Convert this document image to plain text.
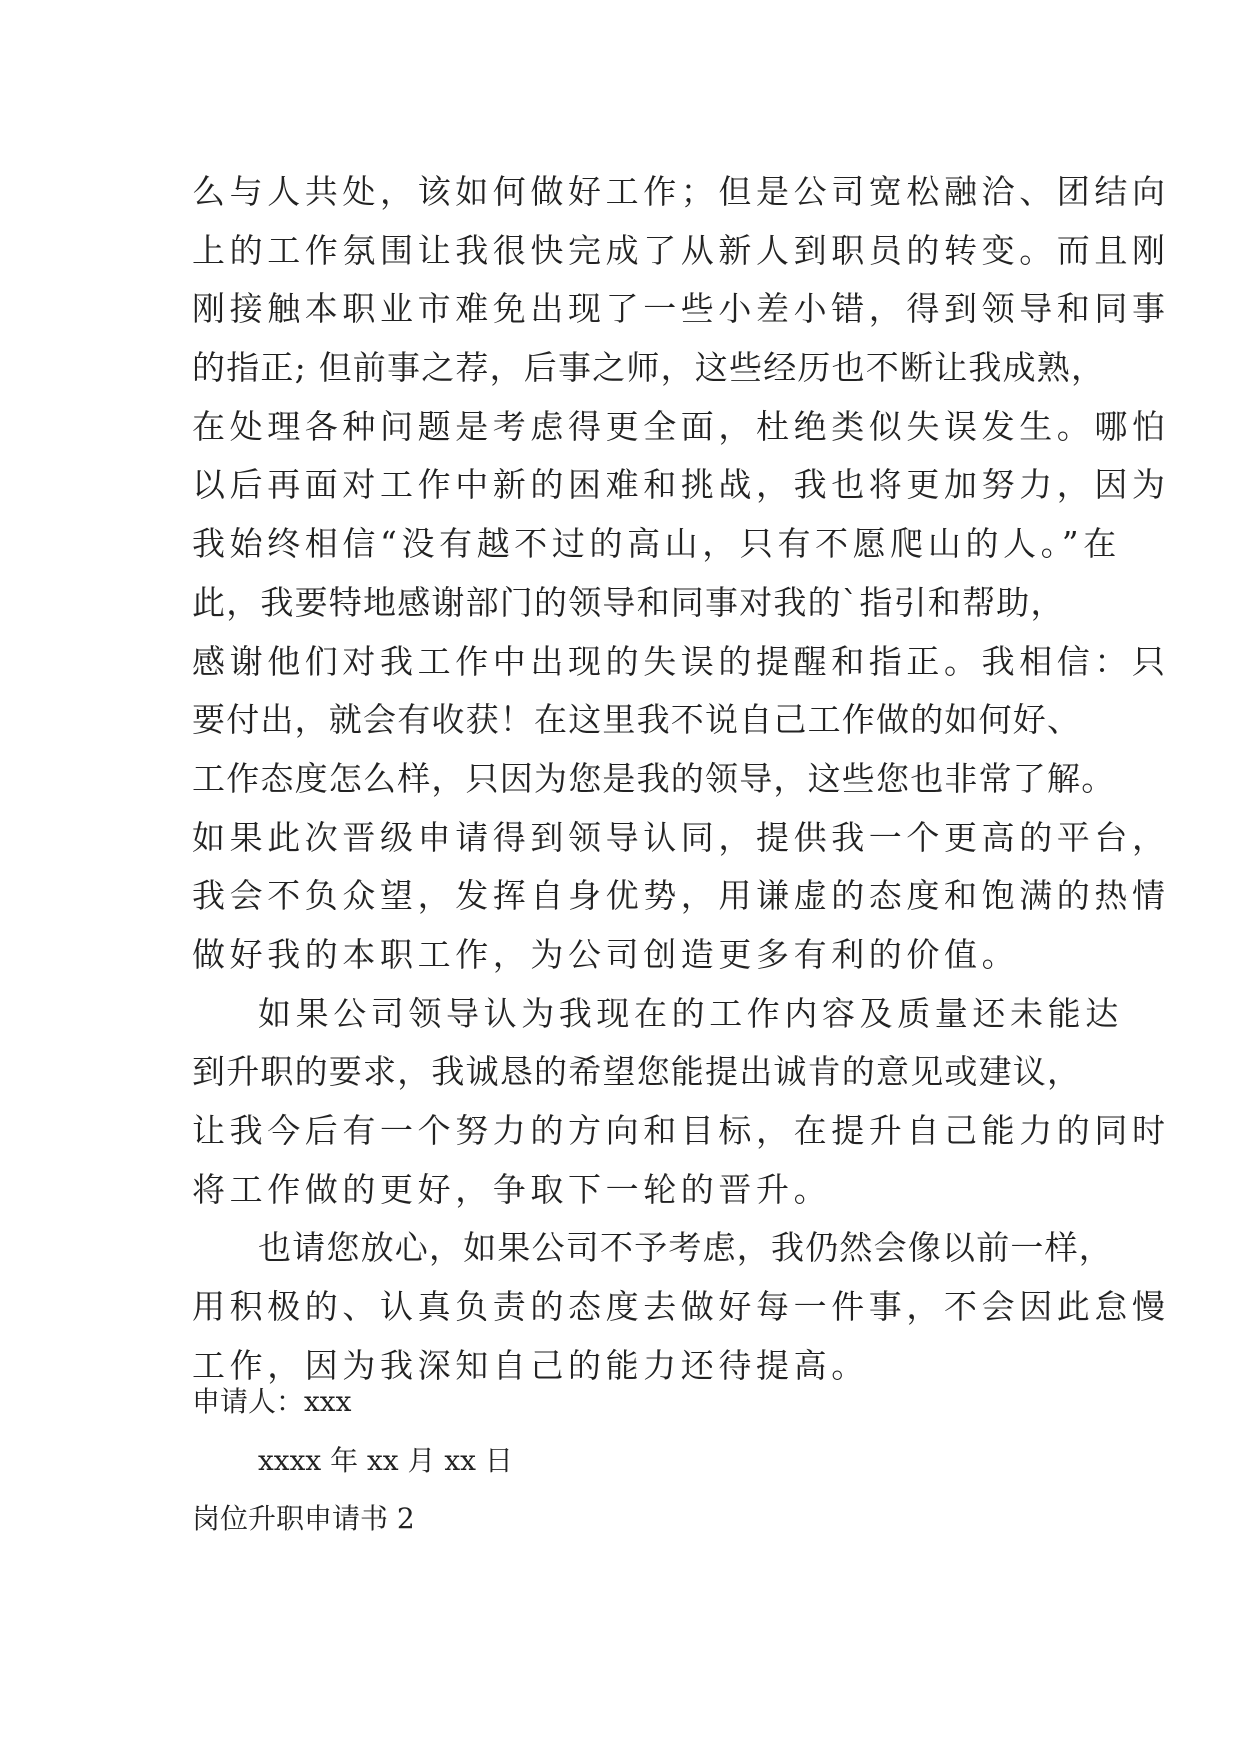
么与人共处，该如何做好工作；但是公司宽松融洽、团结向
上的工作氛围让我很快完成了从新人到职员的转变。而且刚
刚接触本职业市难免出现了一些小差小错，得到领导和同事
的指正; 但前事之荐，后事之师，这些经历也不断让我成熟，
在处理各种问题是考虑得更全面，杜绝类似失误发生。哪怕
以后再面对工作中新的困难和挑战，我也将更加努力，因为
我始终相信“没有越不过的高山，只有不愿爬山的人。”在
此，我要特地感谢部门的领导和同事对我的`指引和帮助，
感谢他们对我工作中出现的失误的提醒和指正。我相信：只
要付出，就会有收获！在这里我不说自己工作做的如何好、
工作态度怎么样，只因为您是我的领导，这些您也非常了解。
如果此次晋级申请得到领导认同，提供我一个更高的平台，
我会不负众望，发挥自身优势，用谦虚的态度和饱满的热情
做好我的本职工作，为公司创造更多有利的价值。
如果公司领导认为我现在的工作内容及质量还未能达
到升职的要求，我诚恳的希望您能提出诚肯的意见或建议，
让我今后有一个努力的方向和目标，在提升自己能力的同时
将工作做的更好，争取下一轮的晋升。
也请您放心，如果公司不予考虑，我仍然会像以前一样，
用积极的、认真负责的态度去做好每一件事，不会因此怠慢
工作，因为我深知自己的能力还待提高。
申请人：xxx
xxxx 年 xx 月 xx 日
岗位升职申请书 2
